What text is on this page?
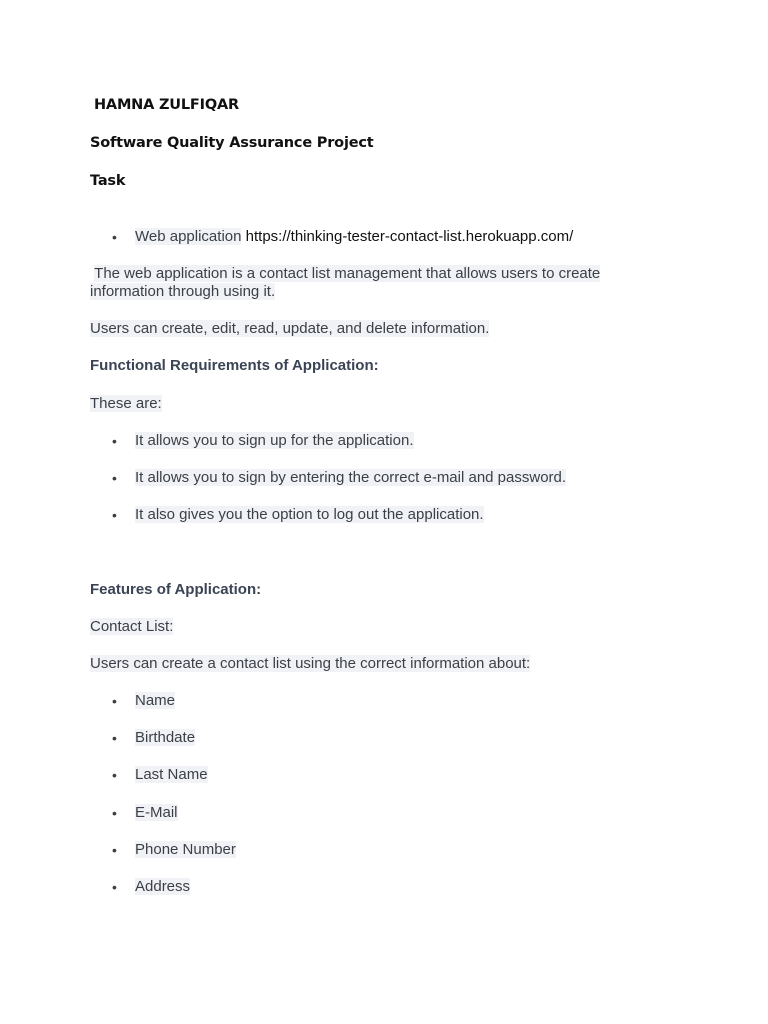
HAMNA ZULFIQAR
Software Quality Assurance Project
Task
•	Web application https://thinking-tester-contact-list.herokuapp.com/
The web application is a contact list management that allows users to create information through using it.
Users can create, edit, read, update, and delete information.
Functional Requirements of Application:
These are:
•	It allows you to sign up for the application.
•	It allows you to sign by entering the correct e-mail and password.
•	It also gives you the option to log out the application.
Features of Application:
Contact List:
Users can create a contact list using the correct information about:
•	Name
•	Birthdate
•	Last Name
•	E-Mail
•	Phone Number
•	Address
